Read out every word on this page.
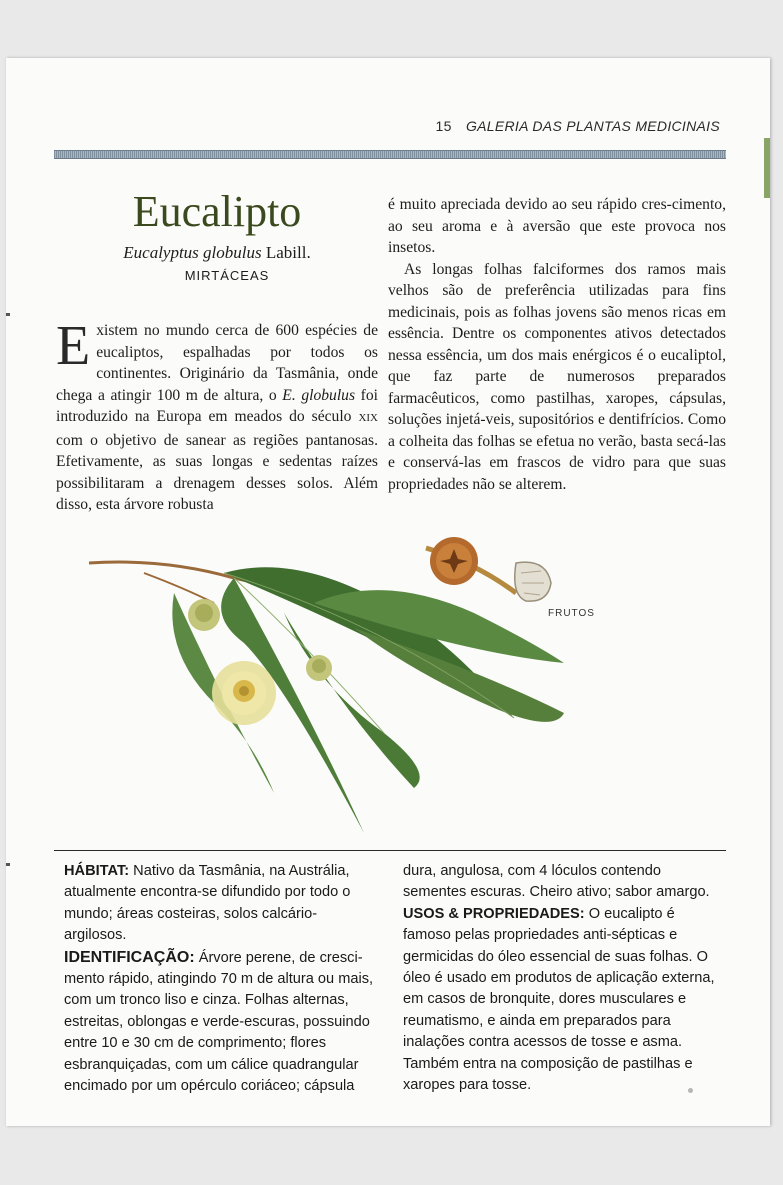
15 GALERIA DAS PLANTAS MEDICINAIS
Eucalipto
Eucalyptus globulus Labill.
MIRTÁCEAS
Existem no mundo cerca de 600 espécies de eucaliptos, espalhadas por todos os continentes. Originário da Tasmânia, onde chega a atingir 100 m de altura, o E. globulus foi introduzido na Europa em meados do século XIX com o objetivo de sanear as regiões pantanosas. Efetivamente, as suas longas e sedentas raízes possibilitaram a drenagem desses solos. Além disso, esta árvore robusta

é muito apreciada devido ao seu rápido cres-cimento, ao seu aroma e à aversão que este provoca nos insetos.

As longas folhas falciformes dos ramos mais velhos são de preferência utilizadas para fins medicinais, pois as folhas jovens são menos ricas em essência. Dentre os componentes ativos detectados nessa essência, um dos mais enérgicos é o eucaliptol, que faz parte de numerosos preparados farmacêuticos, como pastilhas, xaropes, cápsulas, soluções injetá-veis, supositórios e dentifrícios. Como a colheita das folhas se efetua no verão, basta secá-las e conservá-las em frascos de vidro para que suas propriedades não se alterem.

FRUTOS
HÁBITAT: Nativo da Tasmânia, na Austrália, atualmente encontra-se difundido por todo o mundo; áreas costeiras, solos calcário-argilosos.
IDENTIFICAÇÃO: Árvore perene, de cresci-mento rápido, atingindo 70 m de altura ou mais, com um tronco liso e cinza. Folhas alternas, estreitas, oblongas e verde-escuras, possuindo entre 10 e 30 cm de comprimento; flores esbranquiçadas, com um cálice quadrangular encimado por um opérculo coriáceo; cápsula
dura, angulosa, com 4 lóculos contendo sementes escuras. Cheiro ativo; sabor amargo.
USOS & PROPRIEDADES: O eucalipto é famoso pelas propriedades anti-sépticas e germicidas do óleo essencial de suas folhas. O óleo é usado em produtos de aplicação externa, em casos de bronquite, dores musculares e reumatismo, e ainda em preparados para inalações contra acessos de tosse e asma. Também entra na composição de pastilhas e xaropes para tosse.
